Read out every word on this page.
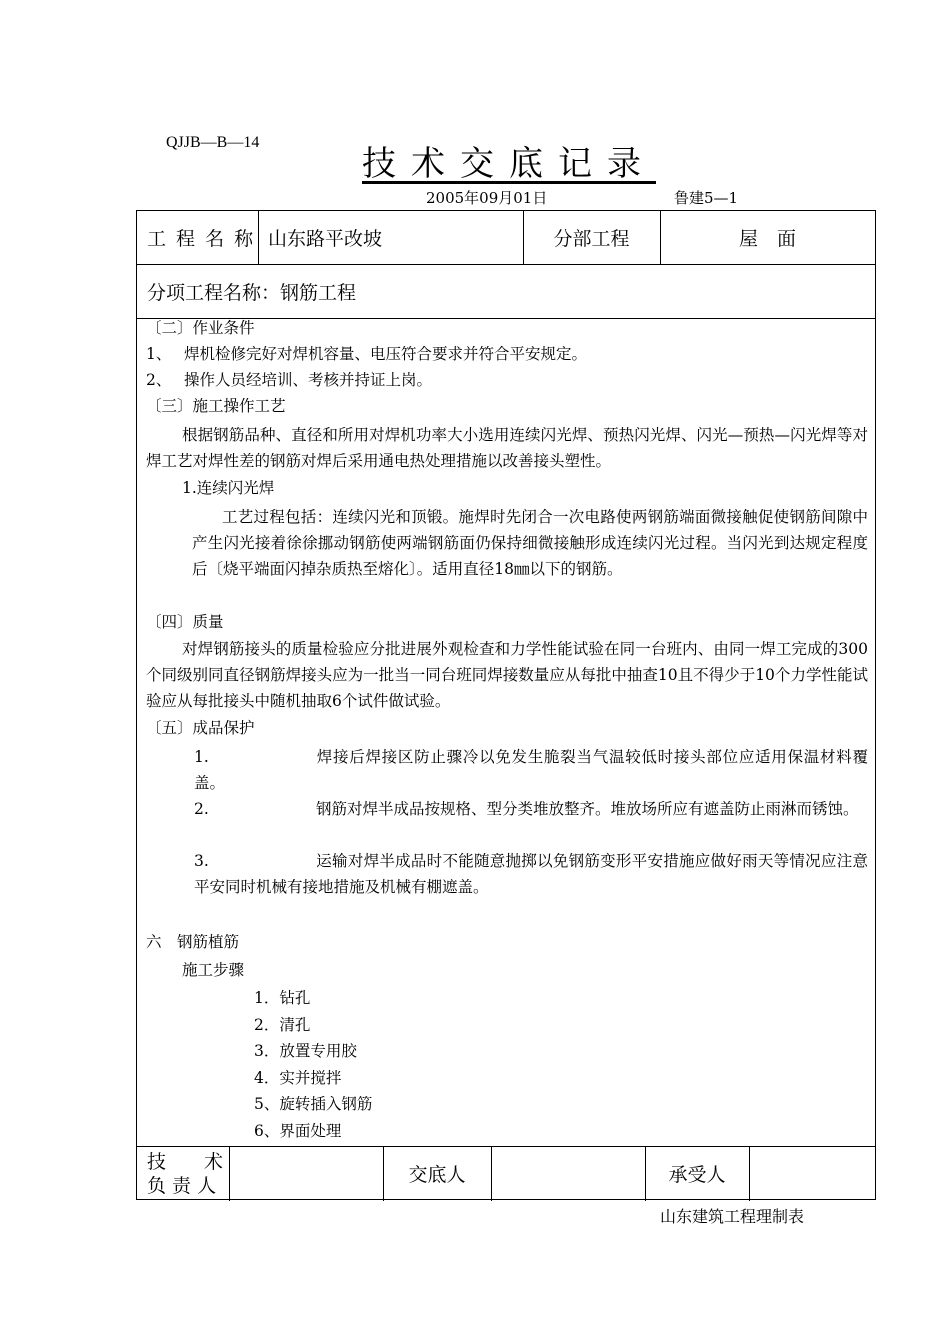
QJJB—B—14
技术交底记录
2005年09月01日	鲁建5—1
工 程 名 称 山东路平改坡	分部工程	屋　面
分项工程名称：钢筋工程
技　　术
负 责 人	交底人	承受人
〔二〕作业条件
1、　 焊机检修完好对焊机容量、电压符合要求并符合平安规定。
2、　 操作人员经培训、考核并持证上岗。
〔三〕施工操作工艺
根据钢筋品种、直径和所用对焊机功率大小选用连续闪光焊、预热闪光焊、闪光—预热—闪光焊等对焊工艺对焊性差的钢筋对焊后采用通电热处理措施以改善接头塑性。
1.连续闪光焊
工艺过程包括：连续闪光和顶锻。施焊时先闭合一次电路使两钢筋端面微接触促使钢筋间隙中产生闪光接着徐徐挪动钢筋使两端钢筋面仍保持细微接触形成连续闪光过程。当闪光到达规定程度后〔烧平端面闪掉杂质热至熔化〕。适用直径18㎜以下的钢筋。
〔四〕质量
对焊钢筋接头的质量检验应分批进展外观检查和力学性能试验在同一台班内、由同一焊工完成的300个同级别同直径钢筋焊接头应为一批当一同台班同焊接数量应从每批中抽查10且不得少于10个力学性能试验应从每批接头中随机抽取6个试件做试验。
〔五〕成品保护
1.	焊接后焊接区防止骤冷以免发生脆裂当气温较低时接头部位应适用保温材料覆盖。
2.	钢筋对焊半成品按规格、型分类堆放整齐。堆放场所应有遮盖防止雨淋而锈蚀。
3.	运输对焊半成品时不能随意抛掷以免钢筋变形平安措施应做好雨天等情况应注意平安同时机械有接地措施及机械有棚遮盖。
六　钢筋植筋
施工步骤
1．钻孔
2．清孔
3．放置专用胶
4．实并搅拌
5、旋转插入钢筋
6、界面处理
山东建筑工程理制表
